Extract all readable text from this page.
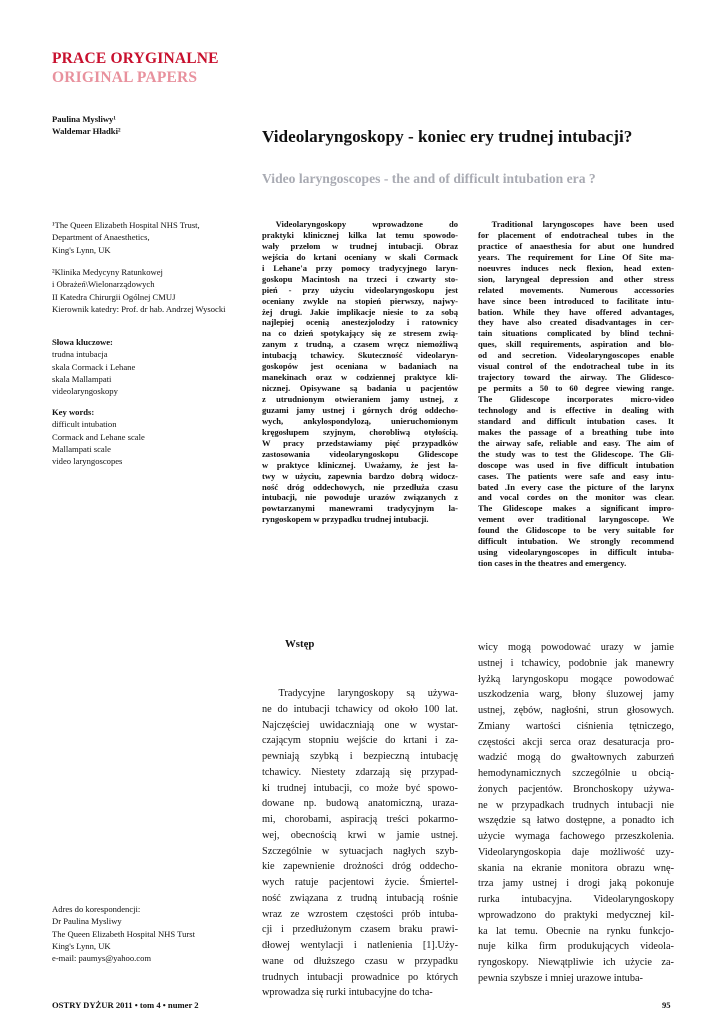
PRACE ORYGINALNE
ORIGINAL PAPERS
Paulina Mysliwy¹
Waldemar Hładki²	Videolaryngoskopy - koniec ery trudnej intubacji?
Video laryngoscopes - the and of difficult intubation era ?

¹The Queen Elizabeth Hospital NHS Trust,

Department of Anaesthetics,

King's Lynn, UK

²Klinika Medycyny Ratunkowej

i Obrażeń\Wielonarządowych

II Katedra Chirurgii Ogólnej CMUJ

Kierownik katedry: Prof. dr hab. Andrzej Wysocki

Słowa kluczowe:

trudna intubacja

skala Cormack i Lehane

skala Mallampati

videolaryngoskopy

Key words:

difficult intubation

Cormack and Lehane scale

Mallampati scale

video laryngoscopes

Videolaryngoskopy wprowadzone do
praktyki klinicznej kilka lat temu spowodo-
wały przełom w trudnej intubacji. Obraz
wejścia do krtani oceniany w skali Cormack
i Lehane'a przy pomocy tradycyjnego laryn-
goskopu Macintosh na trzeci i czwarty sto-
pień - przy użyciu videolaryngoskopu jest
oceniany zwykle na stopień pierwszy, najwy-
żej drugi. Jakie implikacje niesie to za sobą
najlepiej ocenią anestezjolodzy i ratownicy
na co dzień spotykający się ze stresem zwią-
zanym z trudną, a czasem wręcz niemożliwą
intubacją tchawicy. Skuteczność videolaryn-
goskopów jest oceniana w badaniach na
manekinach oraz w codziennej praktyce kli-
nicznej. Opisywane są badania u pacjentów
z utrudnionym otwieraniem jamy ustnej, z
guzami jamy ustnej i górnych dróg oddecho-
wych, ankylospondylozą, unieruchomionym
kręgosłupem szyjnym, chorobliwą otyłością.
W pracy przedstawiamy pięć przypadków
zastosowania videolaryngoskopu Glidescope
w praktyce klinicznej. Uważamy, że jest ła-
twy w użyciu, zapewnia bardzo dobrą widocz-
ność dróg oddechowych, nie przedłuża czasu
intubacji, nie powoduje urazów związanych z
powtarzanymi manewrami tradycyjnym la-
ryngoskopem w przypadku trudnej intubacji.
Traditional laryngoscopes have been used
for placement of endotracheal tubes in the
practice of anaesthesia for abut one hundred
years. The requirement for Line Of Site ma-
noeuvres induces neck flexion, head exten-
sion, laryngeal depression and other stress
related movements. Numerous accessories
have since been introduced to facilitate intu-
bation. While they have offered advantages,
they have also created disadvantages in cer-
tain situations complicated by blind techni-
ques, skill requirements, aspiration and blo-
od and secretion. Videolaryngoscopes enable
visual control of the endotracheal tube in its
trajectory toward the airway. The Glidesco-
pe permits a 50 to 60 degree viewing range.
The Glidescope incorporates micro-video
technology and is effective in dealing with
standard and difficult intubation cases. It
makes the passage of a breathing tube into
the airway safe, reliable and easy. The aim of
the study was to test the Glidescope. The Gli-
doscope was used in five difficult intubation
cases. The patients were safe and easy intu-
bated .In every case the picture of the larynx
and vocal cordes on the monitor was clear.
The Glidescope makes a significant impro-
vement over traditional laryngoscope. We
found the Glidoscope to be very suitable for
difficult intubation. We strongly recommend
using videolaryngoscopes in difficult intuba-
tion cases in the theatres and emergency.
Wstęp
Tradycyjne laryngoskopy są używa-
ne do intubacji tchawicy od około 100 lat.
Najczęściej uwidaczniają one w wystar-
czającym stopniu wejście do krtani i za-
pewniają szybką i bezpieczną intubację
tchawicy. Niestety zdarzają się przypad-
ki trudnej intubacji, co może być spowo-
dowane np. budową anatomiczną, uraza-
mi, chorobami, aspiracją treści pokarmo-
wej, obecnością krwi w jamie ustnej.
Szczególnie w sytuacjach nagłych szyb-
kie zapewnienie drożności dróg oddecho-
wych ratuje pacjentowi życie. Śmiertel-
ność związana z trudną intubacją rośnie
wraz ze wzrostem częstości prób intuba-
cji i przedłużonym czasem braku prawi-
dłowej wentylacji i natlenienia [1].Uży-
wane od dłuższego czasu w przypadku
trudnych intubacji prowadnice po których
wprowadza się rurki intubacyjne do tcha-
wicy mogą powodować urazy w jamie
ustnej i tchawicy, podobnie jak manewry
łyżką laryngoskopu mogące powodować
uszkodzenia warg, błony śluzowej jamy
ustnej, zębów, nagłośni, strun głosowych.
Zmiany wartości ciśnienia tętniczego,
częstości akcji serca oraz desaturacja pro-
wadzić mogą do gwałtownych zaburzeń
hemodynamicznych szczególnie u obcią-
żonych pacjentów. Bronchoskopy używa-
ne w przypadkach trudnych intubacji nie
wszędzie są łatwo dostępne, a ponadto ich
użycie wymaga fachowego przeszkolenia.
Videolaryngoskopia daje możliwość uzy-
skania na ekranie monitora obrazu wnę-
trza jamy ustnej i drogi jaką pokonuje
rurka intubacyjna. Videolaryngoskopy
wprowadzono do praktyki medycznej kil-
ka lat temu. Obecnie na rynku funkcjo-
nuje kilka firm produkujących videola-
ryngoskopy. Niewątpliwie ich użycie za-
pewnia szybsze i mniej urazowe intuba-

Adres do korespondencji:

Dr Paulina Mysliwy

The Queen Elizabeth Hospital NHS Turst

King's Lynn, UK

e-mail: paumys@yahoo.com

OSTRY DYŻUR 2011 • tom 4 • numer 2	95
